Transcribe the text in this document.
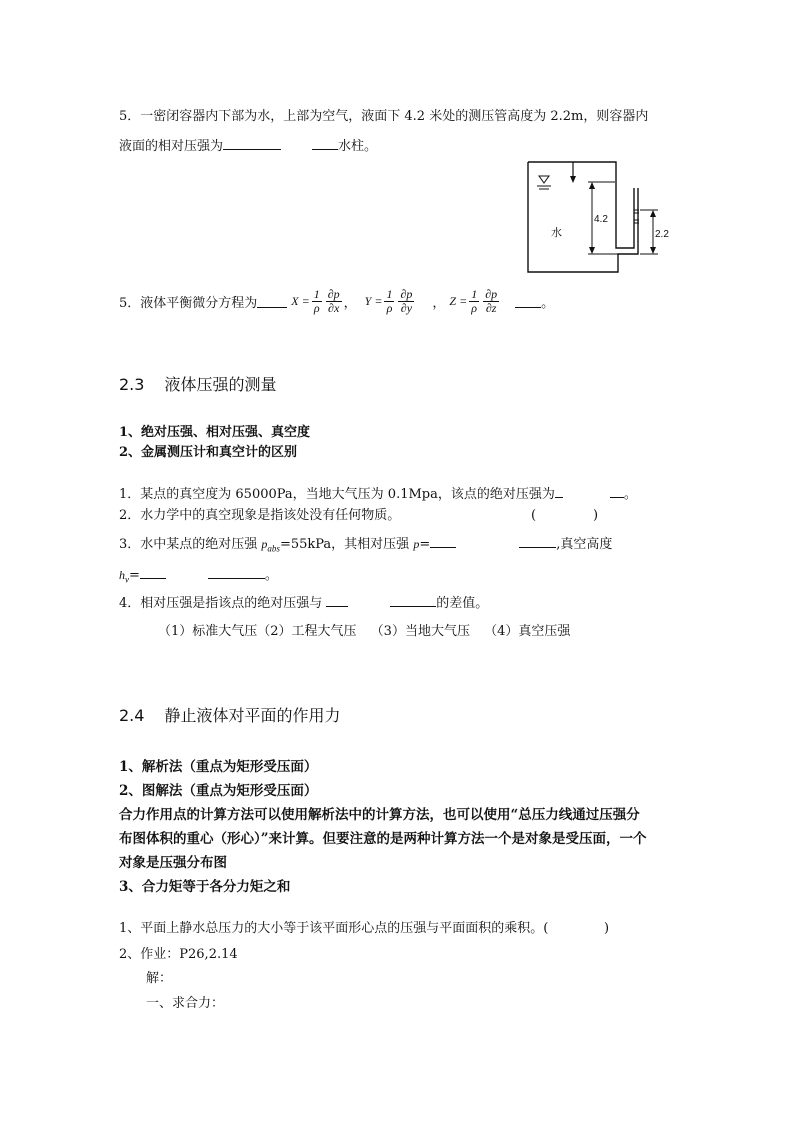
5．一密闭容器内下部为水，上部为空气，液面下 4.2 米处的测压管高度为 2.2m，则容器内
液面的相对压强为	水柱。
水
4.2
2.2
5．液体平衡微分方程为	$X = \frac{1}{\rho} \frac{\partial p}{\partial x}$ ， $Y = \frac{1}{\rho} \frac{\partial p}{\partial y}$ ， $Z = \frac{1}{\rho} \frac{\partial p}{\partial z}$	。
2.3 液体压强的测量
1、绝对压强、相对压强、真空度
2、金属测压计和真空计的区别
1．某点的真空度为 65000Pa，当地大气压为 0.1Mpa，该点的绝对压强为	。
2．水力学中的真空现象是指该处没有任何物质。	(	)
3．水中某点的绝对压强 $p_{abs}=55kPa$，其相对压强 p=	,真空高度
$h_v=$	。
4．相对压强是指该点的绝对压强与	的差值。
（1）标准大气压（2）工程大气压 （3）当地大气压 （4）真空压强
2.4 静止液体对平面的作用力
1、解析法（重点为矩形受压面）
2、图解法（重点为矩形受压面）
合力作用点的计算方法可以使用解析法中的计算方法，也可以使用“总压力线通过压强分
布图体积的重心（形心）”来计算。但要注意的是两种计算方法一个是对象是受压面，一个
对象是压强分布图
3、合力矩等于各分力矩之和
1、平面上静水总压力的大小等于该平面形心点的压强与平面面积的乘积。(	)
2、作业：P26,2.14
解：
一、求合力：
